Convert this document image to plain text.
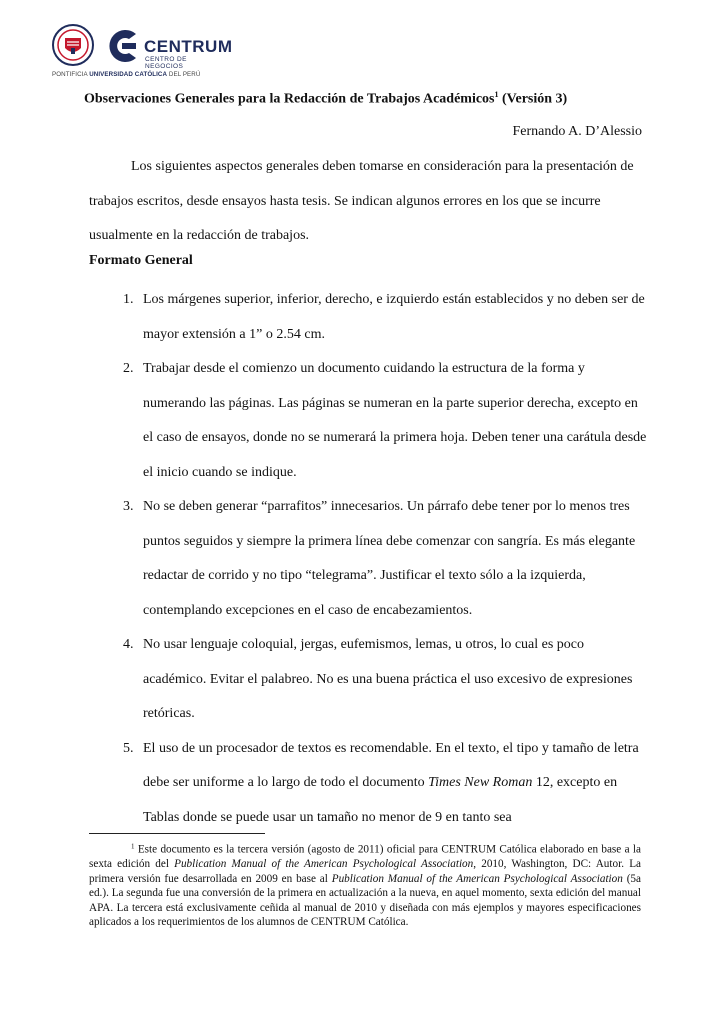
CENTRUM
CENTRO DE NEGOCIOS
PONTIFICIA UNIVERSIDAD CATÓLICA DEL PERÚ
Observaciones Generales para la Redacción de Trabajos Académicos$^1$ (Versión 3)
Fernando A. D’Alessio
Los siguientes aspectos generales deben tomarse en consideración para la presentación de trabajos escritos, desde ensayos hasta tesis. Se indican algunos errores en los que se incurre usualmente en la redacción de trabajos.
Formato General
1. Los márgenes superior, inferior, derecho, e izquierdo están establecidos y no deben ser de mayor extensión a 1” o 2.54 cm.
2. Trabajar desde el comienzo un documento cuidando la estructura de la forma y numerando las páginas. Las páginas se numeran en la parte superior derecha, excepto en el caso de ensayos, donde no se numerará la primera hoja. Deben tener una carátula desde el inicio cuando se indique.
3. No se deben generar “parrafitos” innecesarios. Un párrafo debe tener por lo menos tres puntos seguidos y siempre la primera línea debe comenzar con sangría. Es más elegante redactar de corrido y no tipo “telegrama”. Justificar el texto sólo a la izquierda, contemplando excepciones en el caso de encabezamientos.
4. No usar lenguaje coloquial, jergas, eufemismos, lemas, u otros, lo cual es poco académico. Evitar el palabreo. No es una buena práctica el uso excesivo de expresiones retóricas.
5. El uso de un procesador de textos es recomendable. En el texto, el tipo y tamaño de letra debe ser uniforme a lo largo de todo el documento Times New Roman 12, excepto en Tablas donde se puede usar un tamaño no menor de 9 en tanto sea
$^1$ Este documento es la tercera versión (agosto de 2011) oficial para CENTRUM Católica elaborado en base a la sexta edición del Publication Manual of the American Psychological Association, 2010, Washington, DC: Autor. La primera versión fue desarrollada en 2009 en base al Publication Manual of the American Psychological Association (5a ed.). La segunda fue una conversión de la primera en actualización a la nueva, en aquel momento, sexta edición del manual APA. La tercera está exclusivamente ceñida al manual de 2010 y diseñada con más ejemplos y mayores especificaciones aplicados a los requerimientos de los alumnos de CENTRUM Católica.
